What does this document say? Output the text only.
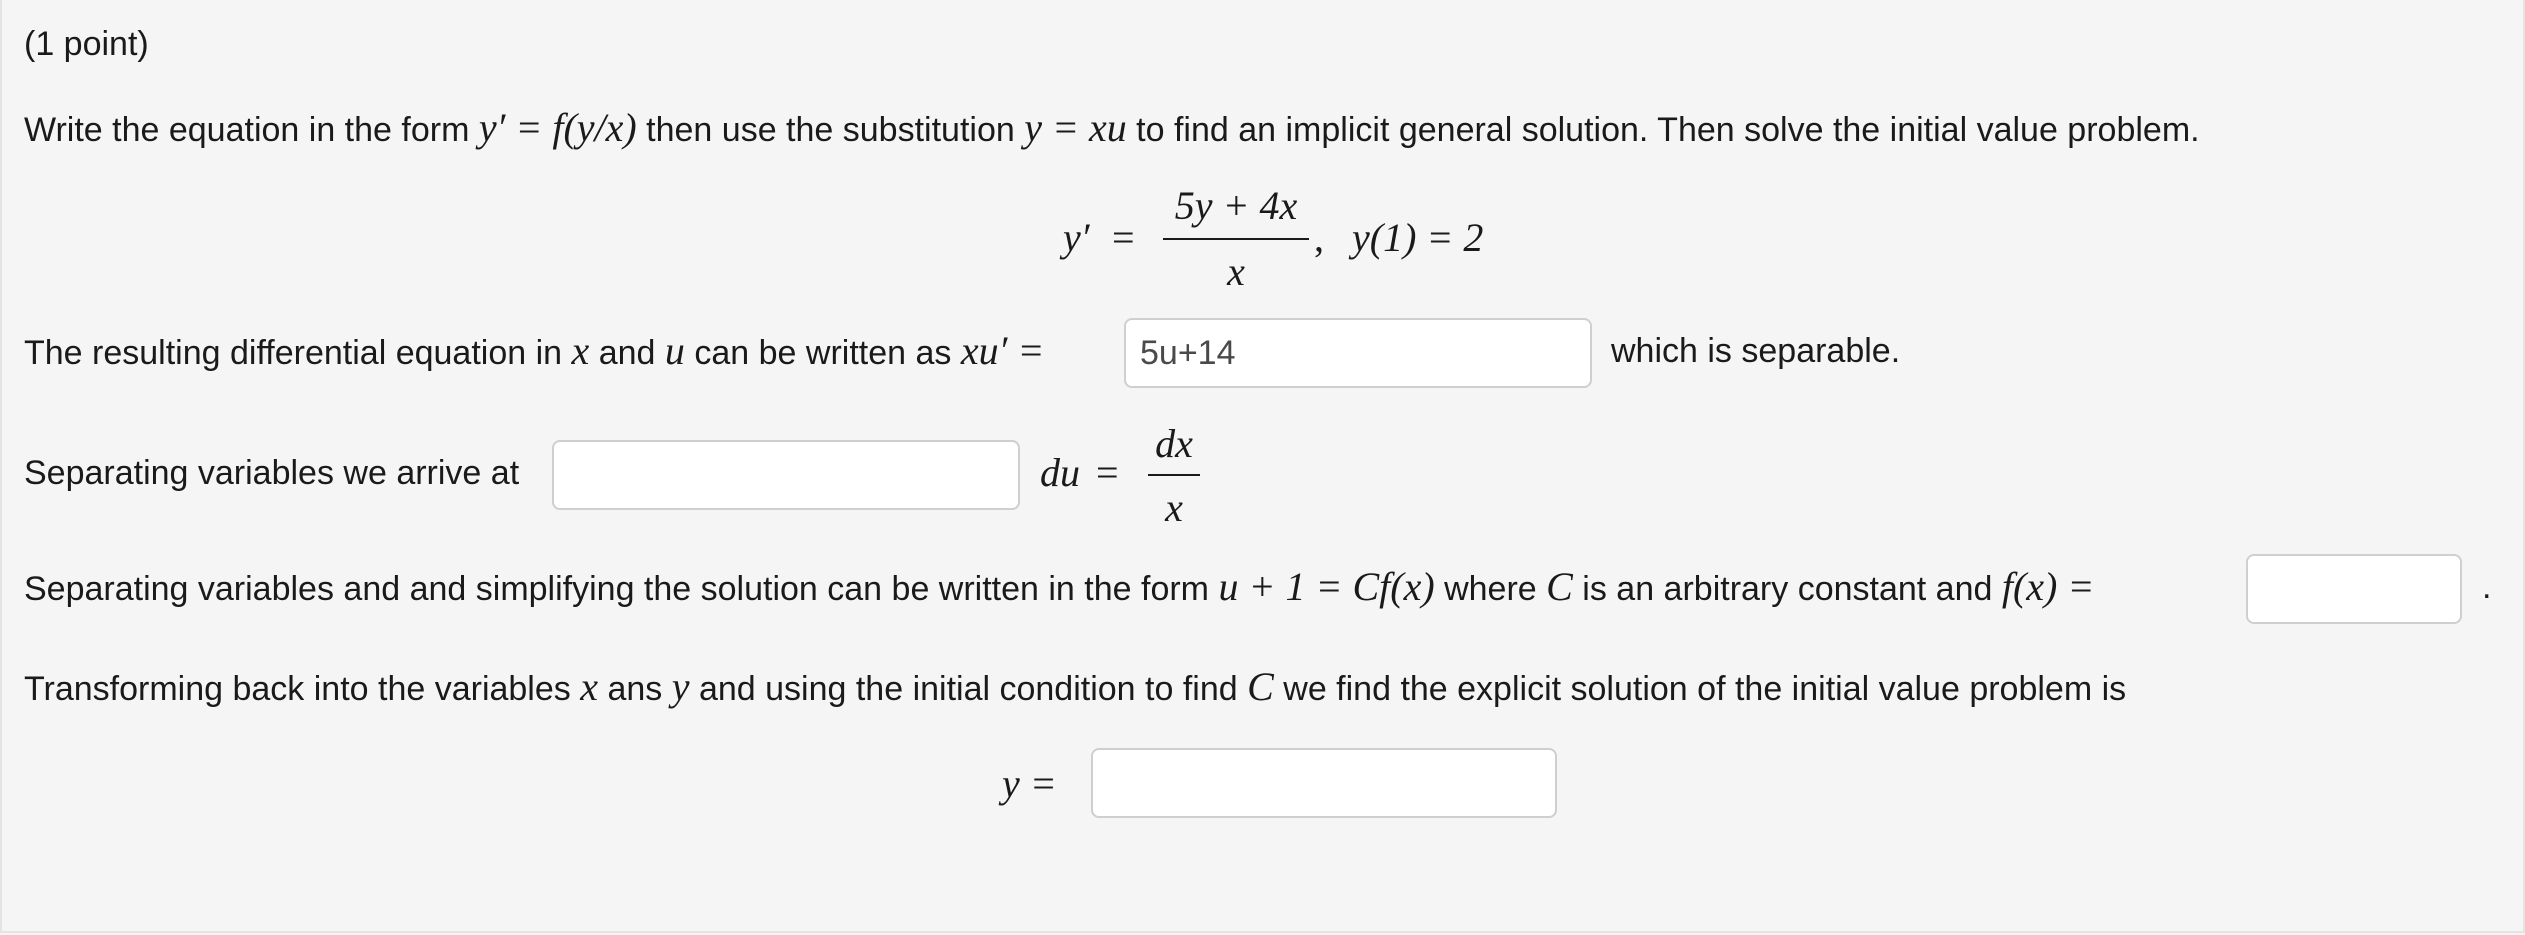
(1 point)
Write the equation in the form y′ = f(y/x) then use the substitution y = xu to find an implicit general solution. Then solve the initial value problem.
y′ =
5y + 4x
x
, y(1) = 2
The resulting differential equation in x and u can be written as xu′ =
5u+14	which is separable.
Separating variables we arrive at	du =
dx
x
Separating variables and and simplifying the solution can be written in the form u + 1 = Cf(x) where C is an arbitrary constant and f(x) =	.
Transforming back into the variables x ans y and using the initial condition to find C we find the explicit solution of the initial value problem is
y =
